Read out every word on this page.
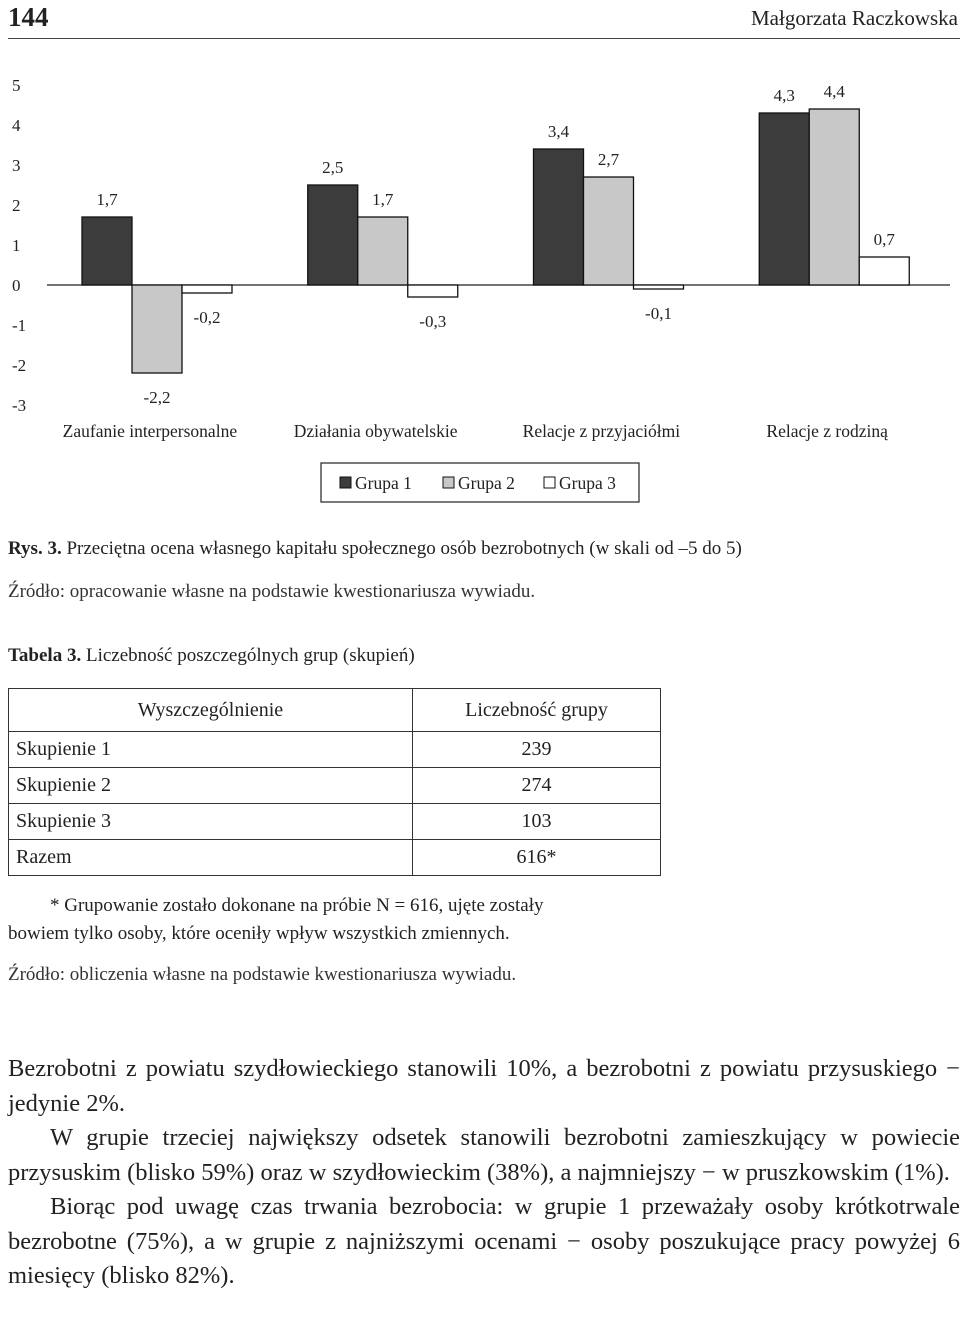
144	Małgorzata Raczkowska
5
4
3
2
1
0
-1
-2
-3
1,7
-2,2
-0,2
Zaufanie interpersonalne
2,5
1,7
-0,3
Działania obywatelskie
3,4
2,7
-0,1
Relacje z przyjaciółmi
4,3 4,4
0,7
Relacje z rodziną
Grupa 1	Grupa 2	Grupa 3
Rys. 3. Przeciętna ocena własnego kapitału społecznego osób bezrobotnych (w skali od –5 do 5)
Źródło: opracowanie własne na podstawie kwestionariusza wywiadu.
Tabela 3. Liczebność poszczególnych grup (skupień)
Wyszczególnienie	Liczebność grupy
Skupienie 1	239
Skupienie 2	274
Skupienie 3	103
Razem	616*
* Grupowanie zostało dokonane na próbie N = 616, ujęte zostały
bowiem tylko osoby, które oceniły wpływ wszystkich zmiennych.
Źródło: obliczenia własne na podstawie kwestionariusza wywiadu.

Bezrobotni z powiatu szydłowieckiego stanowili 10%, a bezrobotni z powiatu przysuskiego − jedynie 2%.

W grupie trzeciej największy odsetek stanowili bezrobotni zamieszkujący w powiecie przysuskim (blisko 59%) oraz w szydłowieckim (38%), a najmniejszy − w pruszkowskim (1%).

Biorąc pod uwagę czas trwania bezrobocia: w grupie 1 przeważały osoby krótkotrwale bezrobotne (75%), a w grupie z najniższymi ocenami − osoby poszukujące pracy powyżej 6 miesięcy (blisko 82%).
